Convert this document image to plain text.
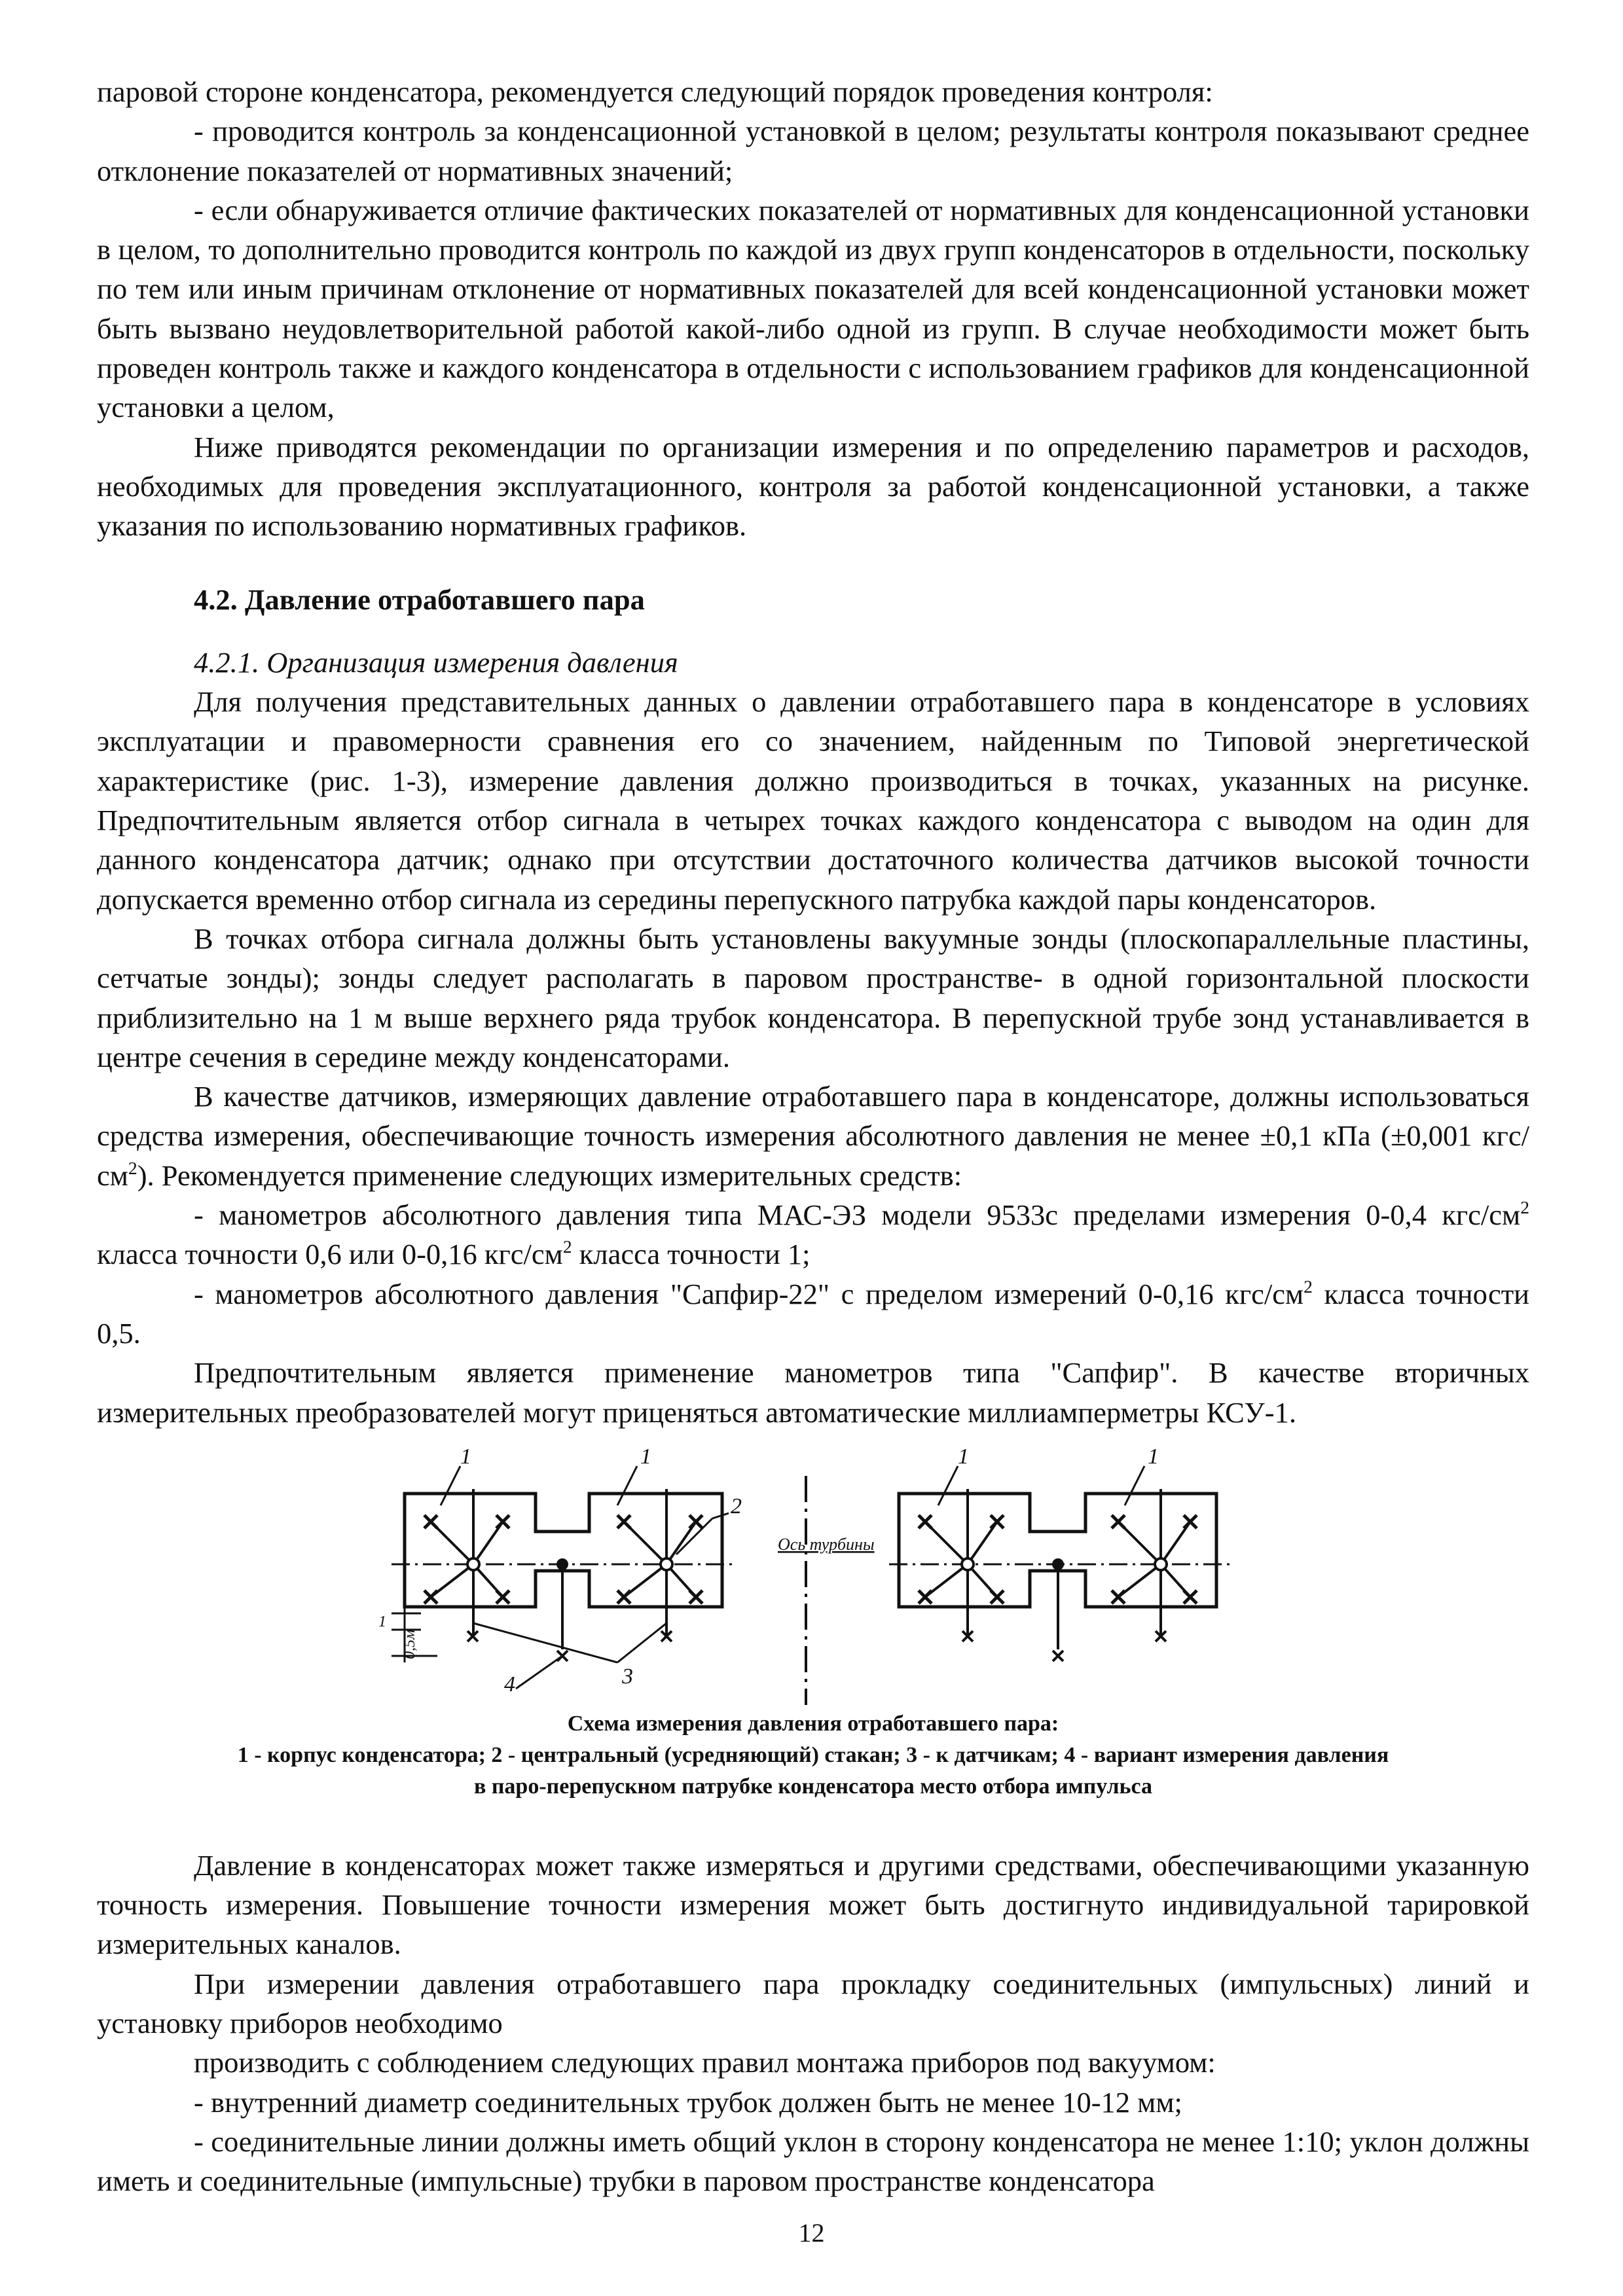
паровой стороне конденсатора, рекомендуется следующий порядок проведения контроля:

- проводится контроль за конденсационной установкой в целом; результаты контроля показывают среднее отклонение показателей от нормативных значений;

- если обнаруживается отличие фактических показателей от нормативных для конденсационной установки в целом, то дополнительно проводится контроль по каждой из двух групп конденсаторов в отдельности, поскольку по тем или иным причинам отклонение от нормативных показателей для всей конденсационной установки может быть вызвано неудовлетворительной работой какой-либо одной из групп. В случае необходимости может быть проведен контроль также и каждого конденсатора в отдельности с использованием графиков для конденсационной установки а целом,

Ниже приводятся рекомендации по организации измерения и по определению параметров и расходов, необходимых для проведения эксплуатационного, контроля за работой конденсационной установки, а также указания по использованию нормативных графиков.

4.2. Давление отработавшего пара

4.2.1. Организация измерения давления

Для получения представительных данных о давлении отработавшего пара в конденсаторе в условиях эксплуатации и правомерности сравнения его со значением, найденным по Типовой энергетической характеристике (рис. 1-3), измерение давления должно производиться в точках, указанных на рисунке. Предпочтительным является отбор сигнала в четырех точках каждого конденсатора с выводом на один для данного конденсатора датчик; однако при отсутствии достаточного количества датчиков высокой точности допускается временно отбор сигнала из середины перепускного патрубка каждой пары конденсаторов.

В точках отбора сигнала должны быть установлены вакуумные зонды (плоскопараллельные пластины, сетчатые зонды); зонды следует располагать в паровом пространстве- в одной горизонтальной плоскости приблизительно на 1 м выше верхнего ряда трубок конденсатора. В перепускной трубе зонд устанавливается в центре сечения в середине между конденсаторами.

В качестве датчиков, измеряющих давление отработавшего пара в конденсаторе, должны использоваться средства измерения, обеспечивающие точность измерения абсолютного давления не менее ±0,1 кПа (±0,001 кгс/$см^2$). Рекомендуется применение следующих измерительных средств:

- манометров абсолютного давления типа МАС-ЭЗ модели 9533с пределами измерения 0-0,4 кгс/$см^2$ класса точности 0,6 или 0-0,16 кгс/$см^2$ класса точности 1;

- манометров абсолютного давления "Сапфир-22" с пределом измерений 0-0,16 кгс/$см^2$ класса точности 0,5.

Предпочтительным является применение манометров типа "Сапфир". В качестве вторичных измерительных преобразователей могут приценяться автоматические миллиамперметры КСУ-1.

1	1	1	1
2
3
4
Ось турбины
1
0,5м

Схема измерения давления отработавшего пара:

1 - корпус конденсатора; 2 - центральный (усредняющий) стакан; 3 - к датчикам; 4 - вариант измерения давления

в паро-перепускном патрубке конденсатора место отбора импульса

Давление в конденсаторах может также измеряться и другими средствами, обеспечивающими указанную точность измерения. Повышение точности измерения может быть достигнуто индивидуальной тарировкой измерительных каналов.

При измерении давления отработавшего пара прокладку соединительных (импульсных) линий и установку приборов необходимо

производить с соблюдением следующих правил монтажа приборов под вакуумом:

- внутренний диаметр соединительных трубок должен быть не менее 10-12 мм;

- соединительные линии должны иметь общий уклон в сторону конденсатора не менее 1:10; уклон должны иметь и соединительные (импульсные) трубки в паровом пространстве конденсатора

12
